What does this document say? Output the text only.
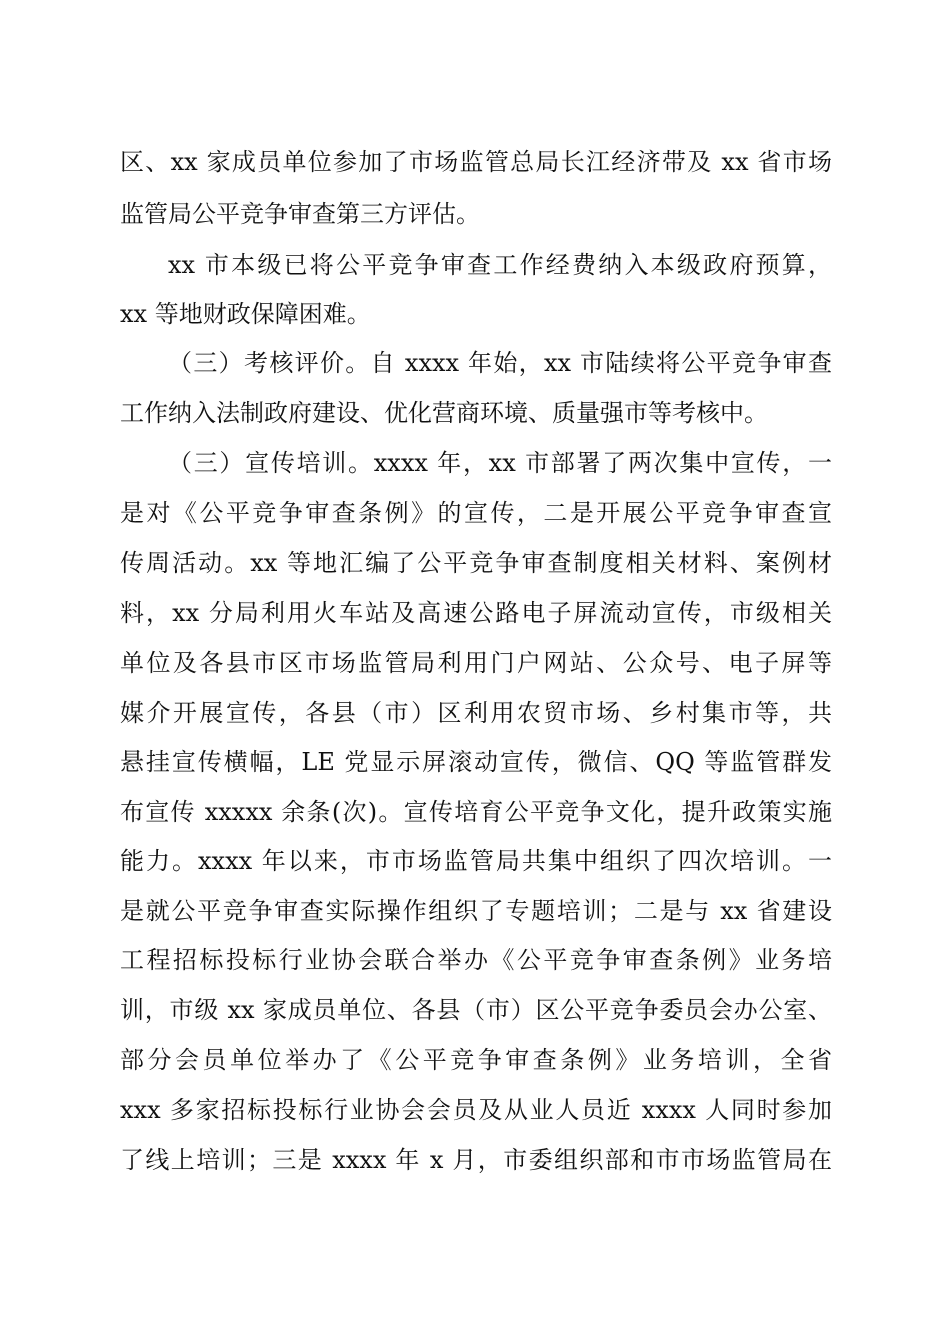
区、xx 家成员单位参加了市场监管总局长江经济带及 xx 省市场
监管局公平竞争审查第三方评估。
xx 市本级已将公平竞争审查工作经费纳入本级政府预算，
xx 等地财政保障困难。
（三）考核评价。自 xxxx 年始，xx 市陆续将公平竞争审查
工作纳入法制政府建设、优化营商环境、质量强市等考核中。
（三）宣传培训。xxxx 年，xx 市部署了两次集中宣传，一
是对《公平竞争审查条例》的宣传，二是开展公平竞争审查宣
传周活动。xx 等地汇编了公平竞争审查制度相关材料、案例材
料，xx 分局利用火车站及高速公路电子屏流动宣传，市级相关
单位及各县市区市场监管局利用门户网站、公众号、电子屏等
媒介开展宣传，各县（市）区利用农贸市场、乡村集市等，共
悬挂宣传横幅，LE 党显示屏滚动宣传，微信、QQ 等监管群发
布宣传 xxxxx 余条(次)。宣传培育公平竞争文化，提升政策实施
能力。xxxx 年以来，市市场监管局共集中组织了四次培训。一
是就公平竞争审查实际操作组织了专题培训；二是与 xx 省建设
工程招标投标行业协会联合举办《公平竞争审查条例》业务培
训，市级 xx 家成员单位、各县（市）区公平竞争委员会办公室、
部分会员单位举办了《公平竞争审查条例》业务培训，全省
xxx 多家招标投标行业协会会员及从业人员近 xxxx 人同时参加
了线上培训；三是 xxxx 年 x 月，市委组织部和市市场监管局在
